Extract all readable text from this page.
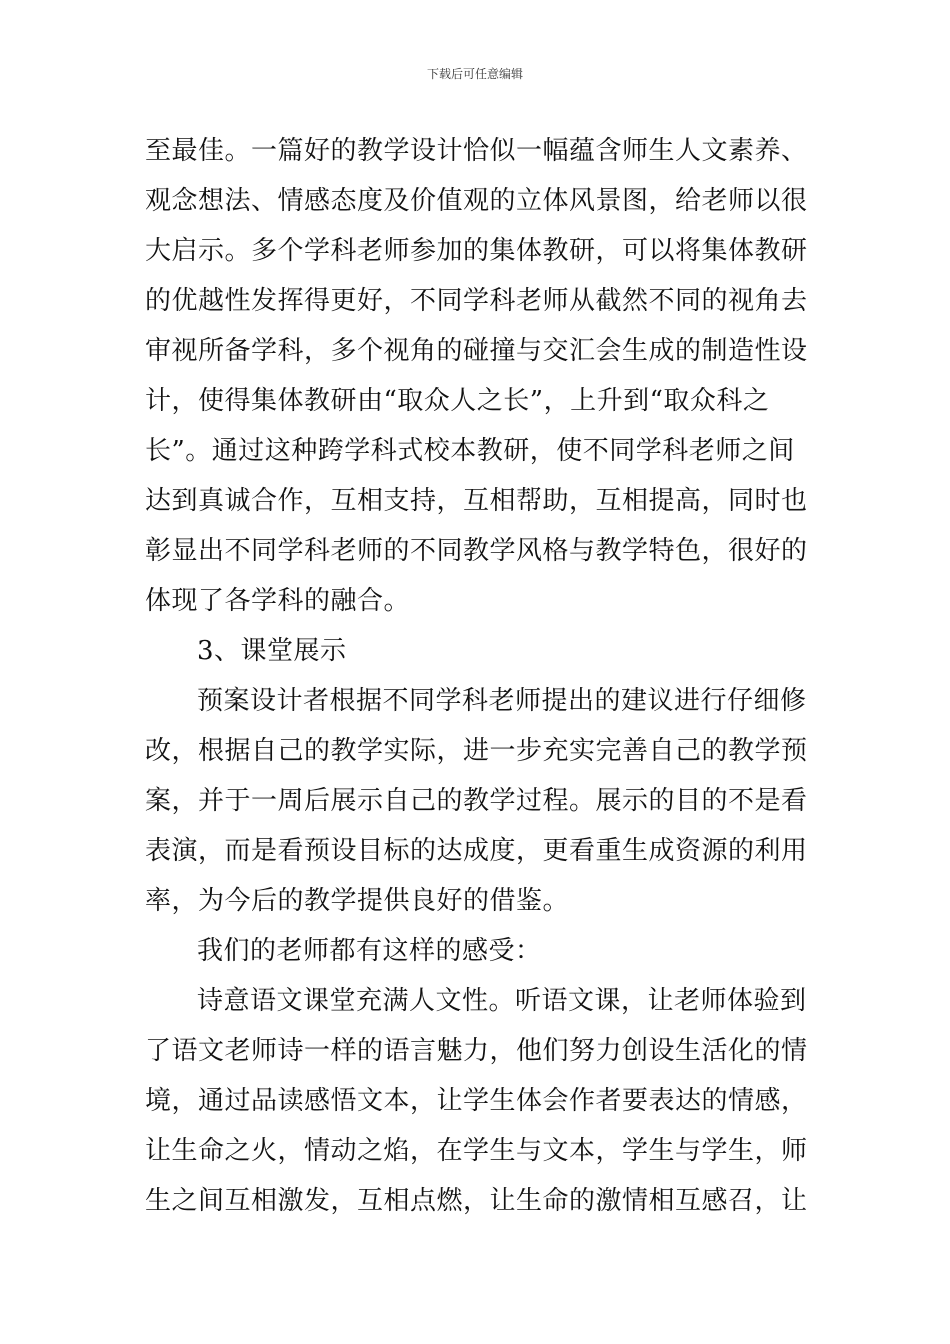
下载后可任意编辑
至最佳。一篇好的教学设计恰似一幅蕴含师生人文素养、
观念想法、情感态度及价值观的立体风景图，给老师以很
大启示。多个学科老师参加的集体教研，可以将集体教研
的优越性发挥得更好，不同学科老师从截然不同的视角去
审视所备学科，多个视角的碰撞与交汇会生成的制造性设
计，使得集体教研由“取众人之长”，上升到“取众科之
长”。通过这种跨学科式校本教研，使不同学科老师之间
达到真诚合作，互相支持，互相帮助，互相提高，同时也
彰显出不同学科老师的不同教学风格与教学特色，很好的
体现了各学科的融合。
3、课堂展示
预案设计者根据不同学科老师提出的建议进行仔细修
改，根据自己的教学实际，进一步充实完善自己的教学预
案，并于一周后展示自己的教学过程。展示的目的不是看
表演，而是看预设目标的达成度，更看重生成资源的利用
率，为今后的教学提供良好的借鉴。
我们的老师都有这样的感受：
诗意语文课堂充满人文性。听语文课，让老师体验到
了语文老师诗一样的语言魅力，他们努力创设生活化的情
境，通过品读感悟文本，让学生体会作者要表达的情感，
让生命之火，情动之焰，在学生与文本，学生与学生，师
生之间互相激发，互相点燃，让生命的激情相互感召，让
